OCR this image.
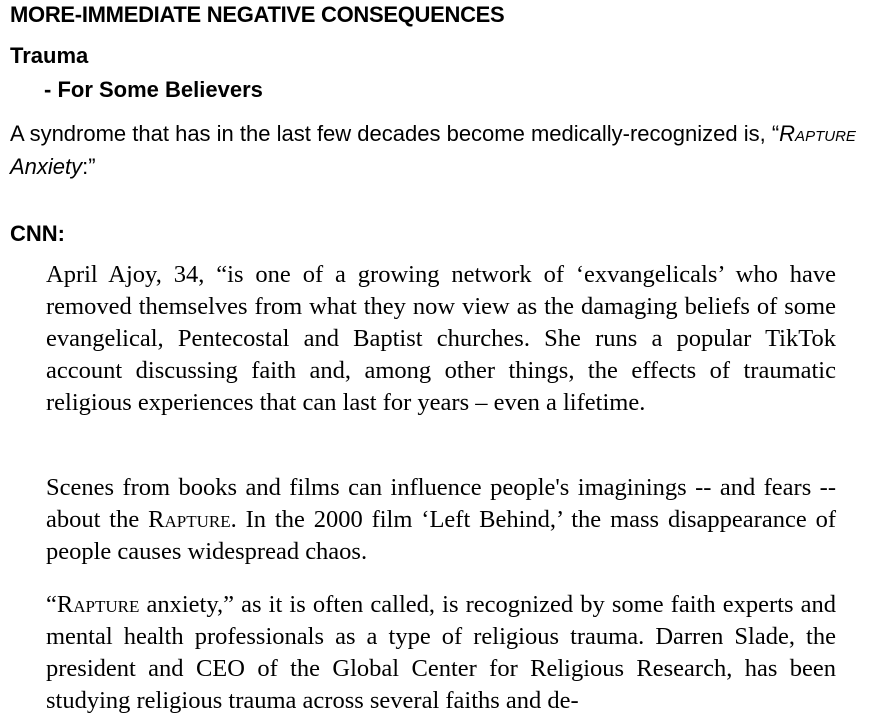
MORE-IMMEDIATE NEGATIVE CONSEQUENCES
Trauma
- For Some Believers

A syndrome that has in the last few decades become medically-recognized is, “Rapture Anxiety:”

CNN:

April Ajoy, 34, “is one of a growing network of ‘exvangelicals’ who have removed themselves from what they now view as the damaging beliefs of some evangelical, Pentecostal and Baptist churches. She runs a popular TikTok account discussing faith and, among other things, the effects of traumatic religious experiences that can last for years – even a lifetime.

Scenes from books and films can influence people's imaginings -- and fears -- about the Rapture. In the 2000 film ‘Left Behind,’ the mass disappearance of people causes widespread chaos.

“Rapture anxiety,” as it is often called, is recognized by some faith experts and mental health professionals as a type of religious trauma. Darren Slade, the president and CEO of the Global Center for Religious Research, has been studying religious trauma across several faiths and de-
